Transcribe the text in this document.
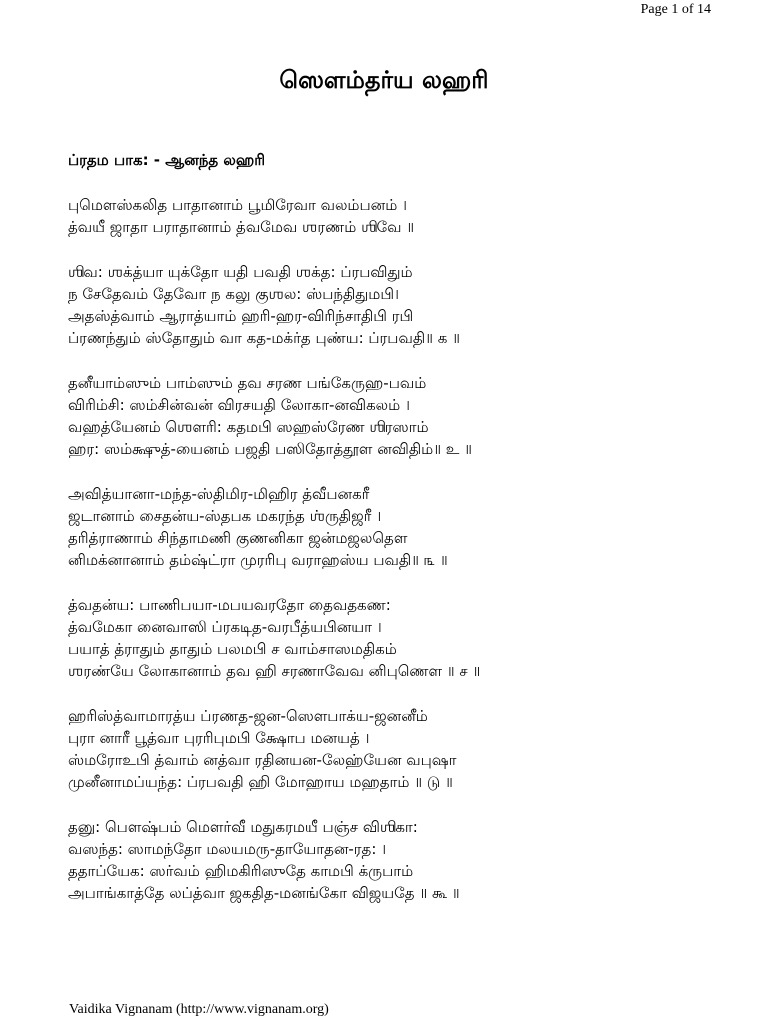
Page 1 of 14
ஸௌம்தர்ய லஹரி
ப்ரதம பாக: - ஆனந்த லஹரி
புமௌஸ்கலித பாதானாம் பூமிரேவா வலம்பனம் ।
த்வயீ ஜாதா பராதானாம் த்வமேவ ஶரணம் ஶிவே ॥
ஶிவ: ஶக்த்யா யுக்தோ யதி பவதி ஶக்த: ப்ரபவிதும்
ந சேதேவம் தேவோ ந கலு குஶல: ஸ்பந்திதுமபி।
அதஸ்த்வாம் ஆராத்யாம் ஹரி-ஹர-விரிந்சாதிபி ரபி
ப்ரணந்தும் ஸ்தோதும் வா கத-மக்ர்த புண்ய: ப்ரபவதி॥ க ॥
தனீயாம்ஸும் பாம்ஸும் தவ சரண பங்கேருஹ-பவம்
விரிம்சி: ஸம்சின்வன் விரசயதி லோகா-னவிகலம் ।
வஹத்யேனம் ஶௌரி: கதமபி ஸஹஸ்ரேண ஶிரஸாம்
ஹர: ஸம்க்ஷுத்-யைனம் பஜதி பஸிதோத்தூள னவிதிம்॥ உ ॥
அவித்யானா-மந்த-ஸ்திமிர-மிஹிர த்வீபனகரீ
ஜடானாம் சைதன்ய-ஸ்தபக மகரந்த ஶ்ருதிஜரீ ।
தரித்ராணாம் சிந்தாமணி குணனிகா ஜன்மஜலதௌ
னிமக்னானாம் தம்ஷ்ட்ரா முரரிபு வராஹஸ்ய பவதி॥ ௩ ॥
த்வதன்ய: பாணிபயா-மபயவரதோ தைவதகண:
த்வமேகா னைவாஸி ப்ரகடித-வரபீத்யபினயா ।
பயாத் த்ராதும் தாதும் பலமபி ச வாம்சாஸமதிகம்
ஶரண்யே லோகானாம் தவ ஹி சரணாவேவ னிபுணௌ ॥ ச ॥
ஹரிஸ்த்வாமாரத்ய ப்ரணத-ஜன-ஸௌபாக்ய-ஜனனீம்
புரா னாரீ பூத்வா புரரிபுமபி க்ஷோப மனயத் ।
ஸ்மரோஉபி த்வாம் னத்வா ரதினயன-லேஹ்யேன வபுஷா
முனீனாமப்யந்த: ப்ரபவதி ஹி மோஹாய மஹதாம் ॥ டு ॥
தனு: பௌஷ்பம் மௌர்வீ மதுகரமயீ பஞ்ச விஶிகா:
வஸந்த: ஸாமந்தோ மலயமரு-தாயோதன-ரத: ।
ததாப்யேக: ஸர்வம் ஹிமகிரிஸுதே காமபி க்ருபாம்
அபாங்காத்தே லப்த்வா ஜகதித-மனங்கோ விஜயதே ॥ கூ ॥
Vaidika Vignanam (http://www.vignanam.org)
